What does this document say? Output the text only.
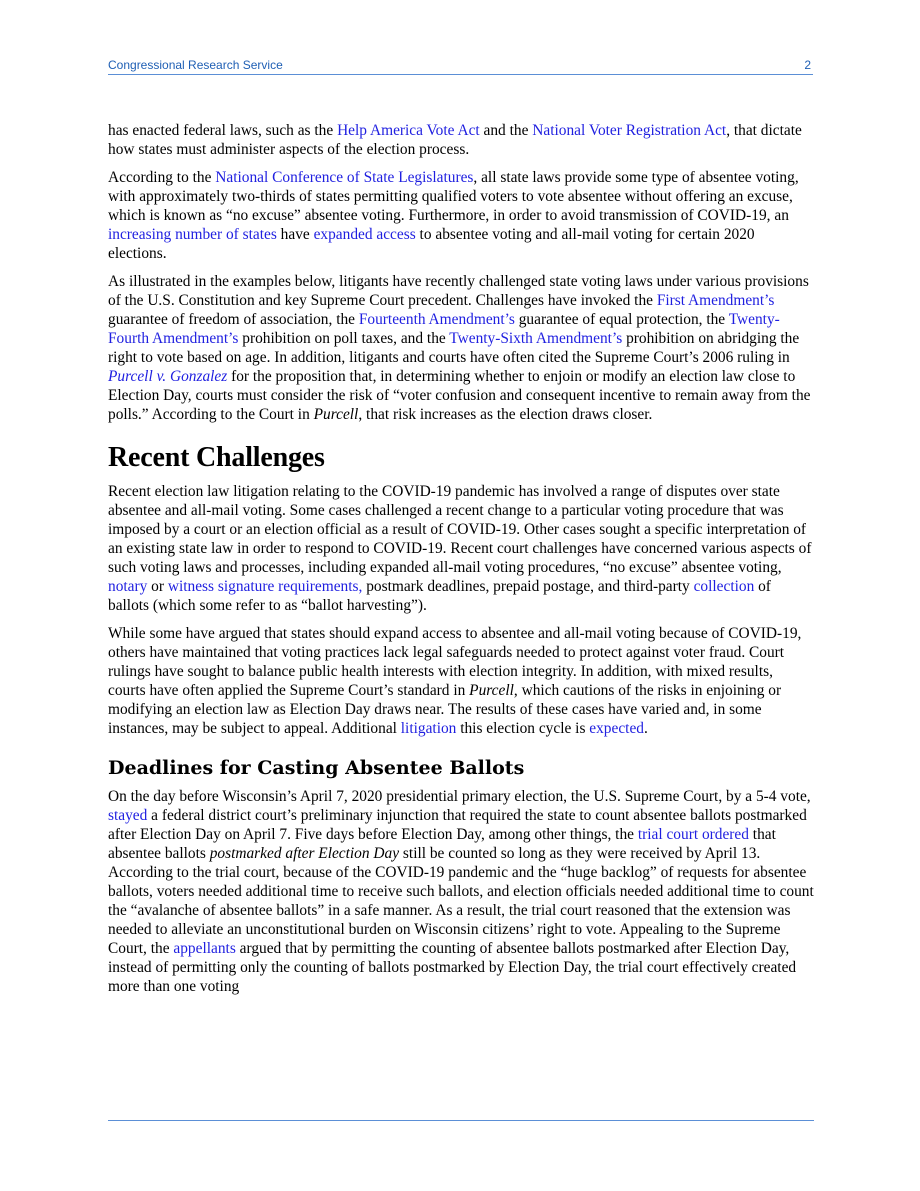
Congressional Research Service	2

has enacted federal laws, such as the Help America Vote Act and the National Voter Registration Act, that dictate how states must administer aspects of the election process.

According to the National Conference of State Legislatures, all state laws provide some type of absentee voting, with approximately two-thirds of states permitting qualified voters to vote absentee without offering an excuse, which is known as “no excuse” absentee voting. Furthermore, in order to avoid transmission of COVID-19, an increasing number of states have expanded access to absentee voting and all-mail voting for certain 2020 elections.

As illustrated in the examples below, litigants have recently challenged state voting laws under various provisions of the U.S. Constitution and key Supreme Court precedent. Challenges have invoked the First Amendment’s guarantee of freedom of association, the Fourteenth Amendment’s guarantee of equal protection, the Twenty-Fourth Amendment’s prohibition on poll taxes, and the Twenty-Sixth Amendment’s prohibition on abridging the right to vote based on age. In addition, litigants and courts have often cited the Supreme Court’s 2006 ruling in Purcell v. Gonzalez for the proposition that, in determining whether to enjoin or modify an election law close to Election Day, courts must consider the risk of “voter confusion and consequent incentive to remain away from the polls.” According to the Court in Purcell, that risk increases as the election draws closer.

Recent Challenges

Recent election law litigation relating to the COVID-19 pandemic has involved a range of disputes over state absentee and all-mail voting. Some cases challenged a recent change to a particular voting procedure that was imposed by a court or an election official as a result of COVID-19. Other cases sought a specific interpretation of an existing state law in order to respond to COVID-19. Recent court challenges have concerned various aspects of such voting laws and processes, including expanded all-mail voting procedures, “no excuse” absentee voting, notary or witness signature requirements, postmark deadlines, prepaid postage, and third-party collection of ballots (which some refer to as “ballot harvesting”).

While some have argued that states should expand access to absentee and all-mail voting because of COVID-19, others have maintained that voting practices lack legal safeguards needed to protect against voter fraud. Court rulings have sought to balance public health interests with election integrity. In addition, with mixed results, courts have often applied the Supreme Court’s standard in Purcell, which cautions of the risks in enjoining or modifying an election law as Election Day draws near. The results of these cases have varied and, in some instances, may be subject to appeal. Additional litigation this election cycle is expected.

Deadlines for Casting Absentee Ballots

On the day before Wisconsin’s April 7, 2020 presidential primary election, the U.S. Supreme Court, by a 5-4 vote, stayed a federal district court’s preliminary injunction that required the state to count absentee ballots postmarked after Election Day on April 7. Five days before Election Day, among other things, the trial court ordered that absentee ballots postmarked after Election Day still be counted so long as they were received by April 13. According to the trial court, because of the COVID-19 pandemic and the “huge backlog” of requests for absentee ballots, voters needed additional time to receive such ballots, and election officials needed additional time to count the “avalanche of absentee ballots” in a safe manner. As a result, the trial court reasoned that the extension was needed to alleviate an unconstitutional burden on Wisconsin citizens’ right to vote. Appealing to the Supreme Court, the appellants argued that by permitting the counting of absentee ballots postmarked after Election Day, instead of permitting only the counting of ballots postmarked by Election Day, the trial court effectively created more than one voting
